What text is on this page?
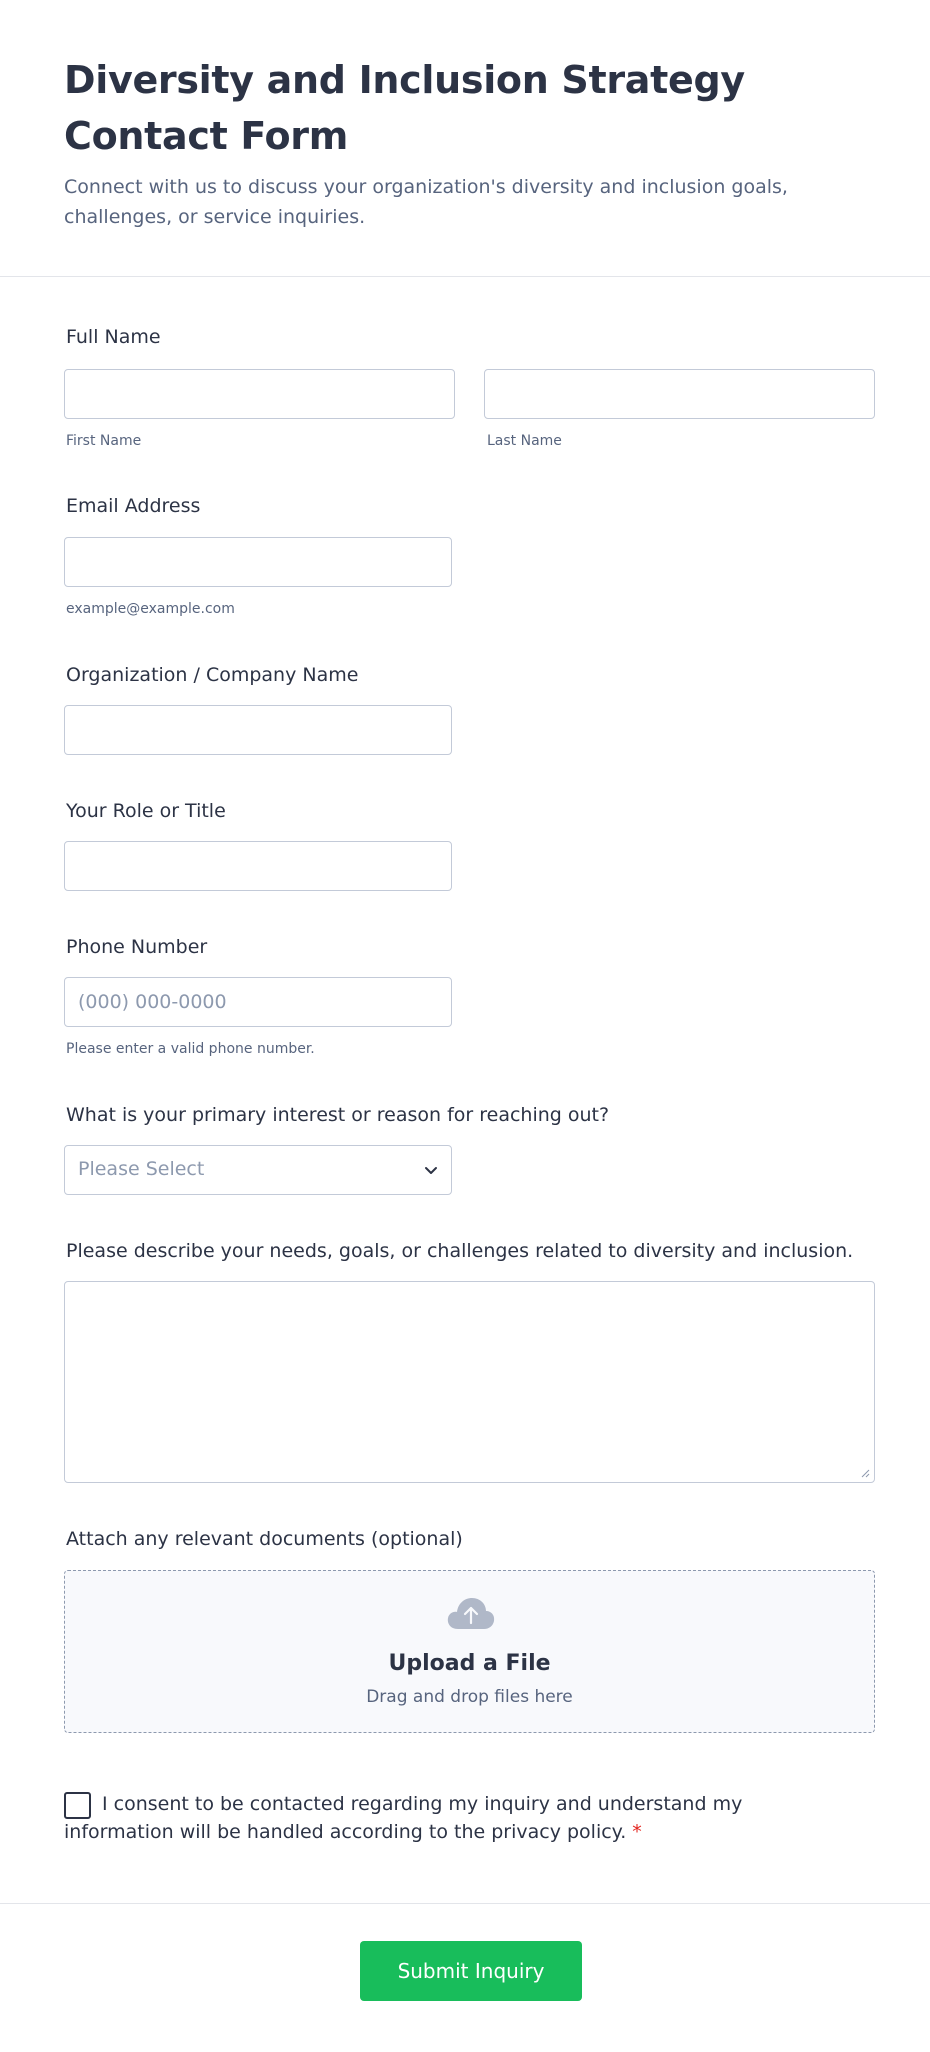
Diversity and Inclusion Strategy Contact Form

Connect with us to discuss your organization's diversity and inclusion goals, challenges, or service inquiries.

Full Name
First Name	Last Name
Email Address
example@example.com
Organization / Company Name
Your Role or Title
Phone Number
(000) 000-0000
Please enter a valid phone number.
What is your primary interest or reason for reaching out?
Please Select
Please describe your needs, goals, or challenges related to diversity and inclusion.
Attach any relevant documents (optional)
Upload a File
Drag and drop files here
I consent to be contacted regarding my inquiry and understand my information will be handled according to the privacy policy. *
Submit Inquiry
